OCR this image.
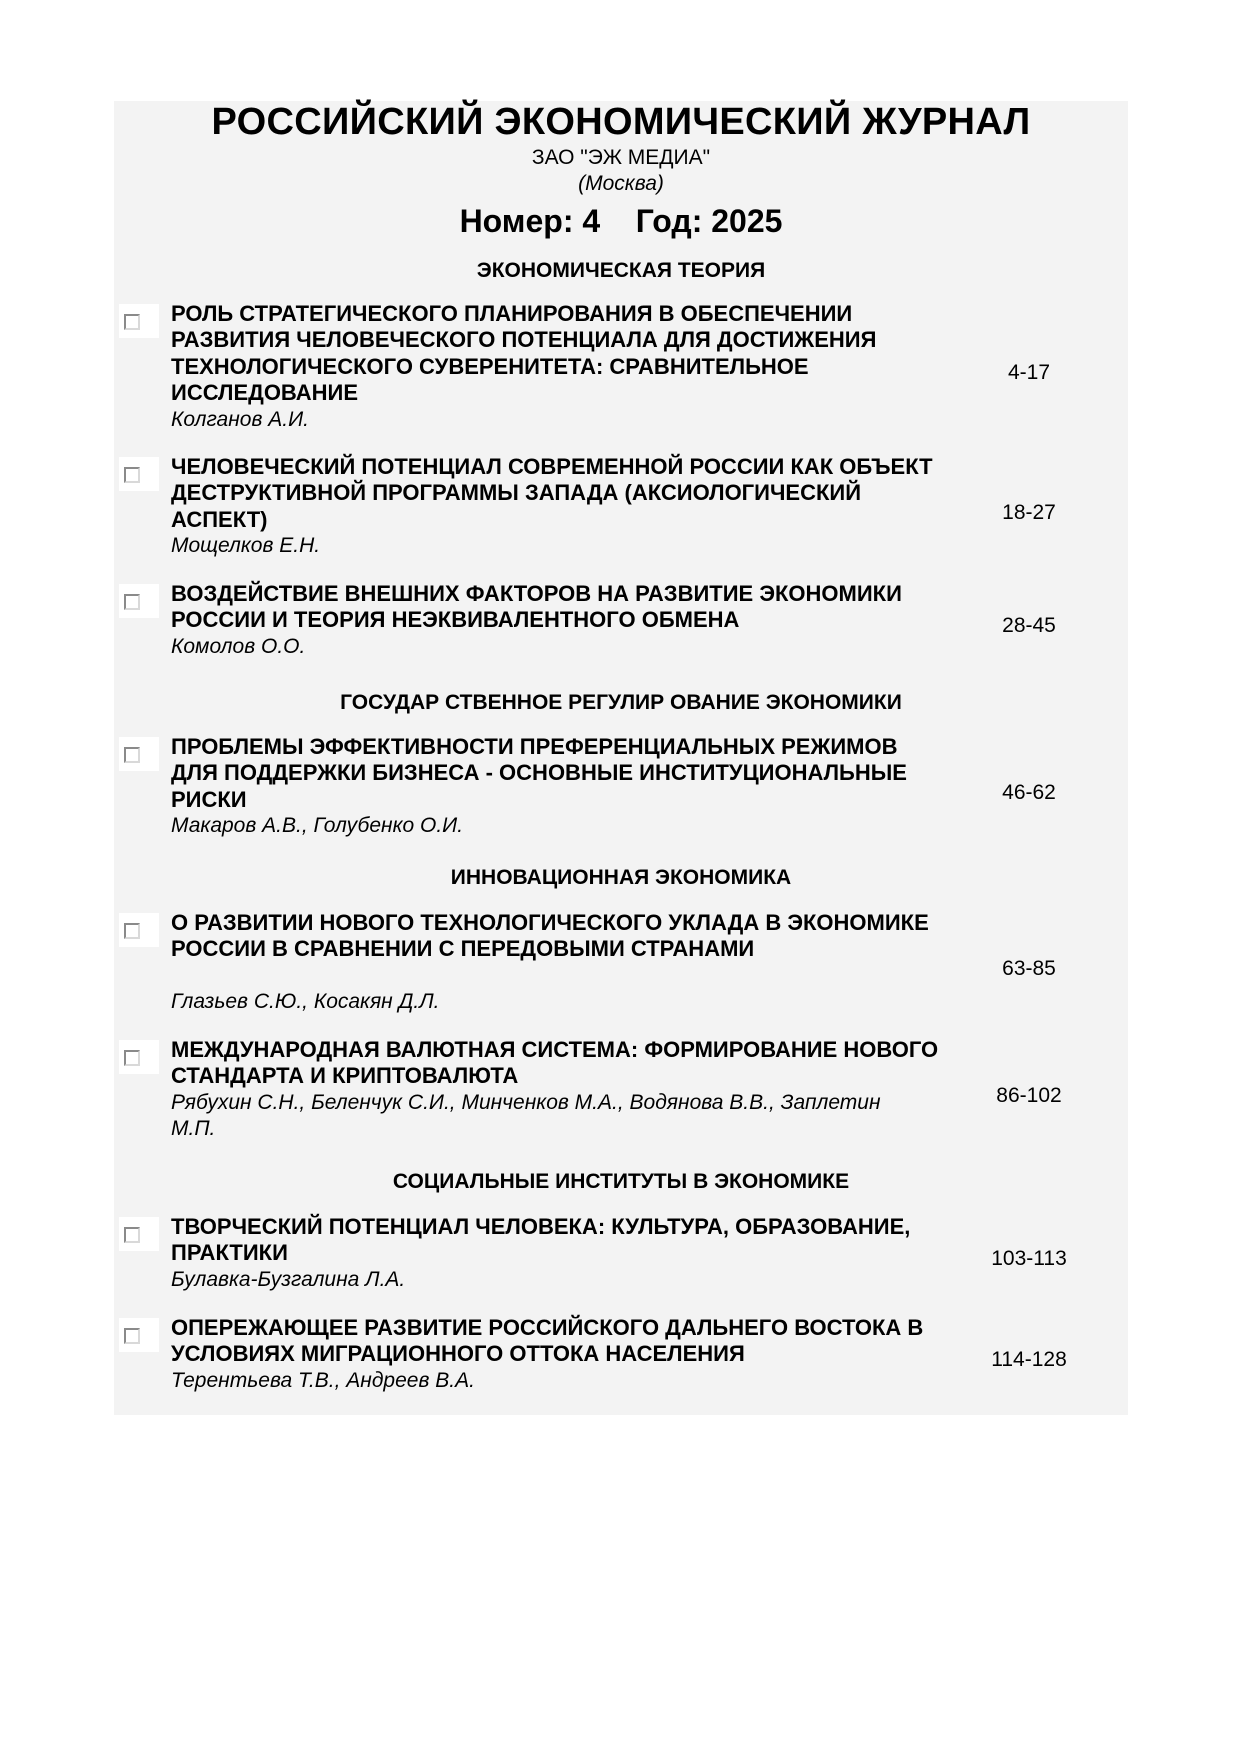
РОССИЙСКИЙ ЭКОНОМИЧЕСКИЙ ЖУРНАЛ
ЗАО "ЭЖ МЕДИА"
(Москва)
Номер: 4 Год: 2025
ЭКОНОМИЧЕСКАЯ ТЕОРИЯ
РОЛЬ СТРАТЕГИЧЕСКОГО ПЛАНИРОВАНИЯ В ОБЕСПЕЧЕНИИ РАЗВИТИЯ ЧЕЛОВЕЧЕСКОГО ПОТЕНЦИАЛА ДЛЯ ДОСТИЖЕНИЯ ТЕХНОЛОГИЧЕСКОГО СУВЕРЕНИТЕТА: СРАВНИТЕЛЬНОЕ ИССЛЕДОВАНИЕ
Колганов А.И.
4-17
ЧЕЛОВЕЧЕСКИЙ ПОТЕНЦИАЛ СОВРЕМЕННОЙ РОССИИ КАК ОБЪЕКТ ДЕСТРУКТИВНОЙ ПРОГРАММЫ ЗАПАДА (АКСИОЛОГИЧЕСКИЙ АСПЕКТ)
Мощелков Е.Н.
18-27
ВОЗДЕЙСТВИЕ ВНЕШНИХ ФАКТОРОВ НА РАЗВИТИЕ ЭКОНОМИКИ РОССИИ И ТЕОРИЯ НЕЭКВИВАЛЕНТНОГО ОБМЕНА
Комолов О.О.
28-45
ГОСУДАР СТВЕННОЕ РЕГУЛИР ОВАНИЕ ЭКОНОМИКИ
ПРОБЛЕМЫ ЭФФЕКТИВНОСТИ ПРЕФЕРЕНЦИАЛЬНЫХ РЕЖИМОВ ДЛЯ ПОДДЕРЖКИ БИЗНЕСА - ОСНОВНЫЕ ИНСТИТУЦИОНАЛЬНЫЕ РИСКИ
Макаров А.В., Голубенко О.И.
46-62
ИННОВАЦИОННАЯ ЭКОНОМИКА
О РАЗВИТИИ НОВОГО ТЕХНОЛОГИЧЕСКОГО УКЛАДА В ЭКОНОМИКЕ РОССИИ В СРАВНЕНИИ С ПЕРЕДОВЫМИ СТРАНАМИ
Глазьев С.Ю., Косакян Д.Л.
63-85
МЕЖДУНАРОДНАЯ ВАЛЮТНАЯ СИСТЕМА: ФОРМИРОВАНИЕ НОВОГО СТАНДАРТА И КРИПТОВАЛЮТА
Рябухин С.Н., Беленчук С.И., Минченков М.А., Водянова В.В., Заплетин М.П.
86-102
СОЦИАЛЬНЫЕ ИНСТИТУТЫ В ЭКОНОМИКЕ
ТВОРЧЕСКИЙ ПОТЕНЦИАЛ ЧЕЛОВЕКА: КУЛЬТУРА, ОБРАЗОВАНИЕ, ПРАКТИКИ
Булавка-Бузгалина Л.А.
103-113
ОПЕРЕЖАЮЩЕЕ РАЗВИТИЕ РОССИЙСКОГО ДАЛЬНЕГО ВОСТОКА В УСЛОВИЯХ МИГРАЦИОННОГО ОТТОКА НАСЕЛЕНИЯ
Терентьева Т.В., Андреев В.А.
114-128
